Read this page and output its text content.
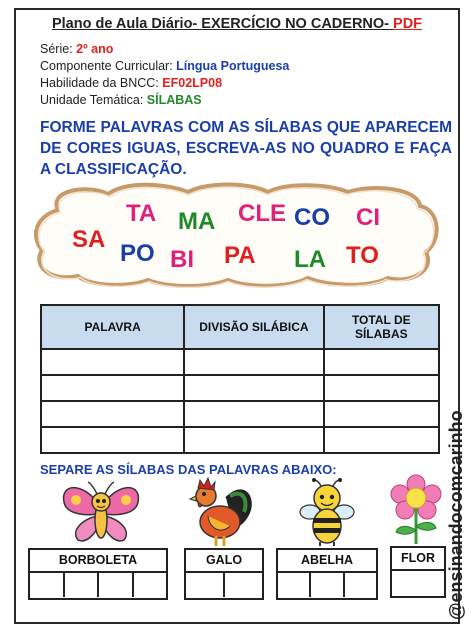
Plano de Aula Diário- EXERCÍCIO NO CADERNO- PDF
Série: 2º ano
Componente Curricular: Língua Portuguesa
Habilidade da BNCC: EF02LP08
Unidade Temática: SÍLABAS
FORME PALAVRAS COM AS SÍLABAS QUE APARECEM DE CORES IGUAS, ESCREVA-AS NO QUADRO E FAÇA A CLASSIFICAÇÃO.
TA MA CLE CO CI
SA
PO BI PA LA TO
PALAVRA	DIVISÃO SILÁBICA	TOTAL DE SÍLABAS

@ensinandocomcarinho
SEPARE AS SÍLABAS DAS PALAVRAS ABAIXO:
BORBOLETA	GALO	ABELHA	FLOR
